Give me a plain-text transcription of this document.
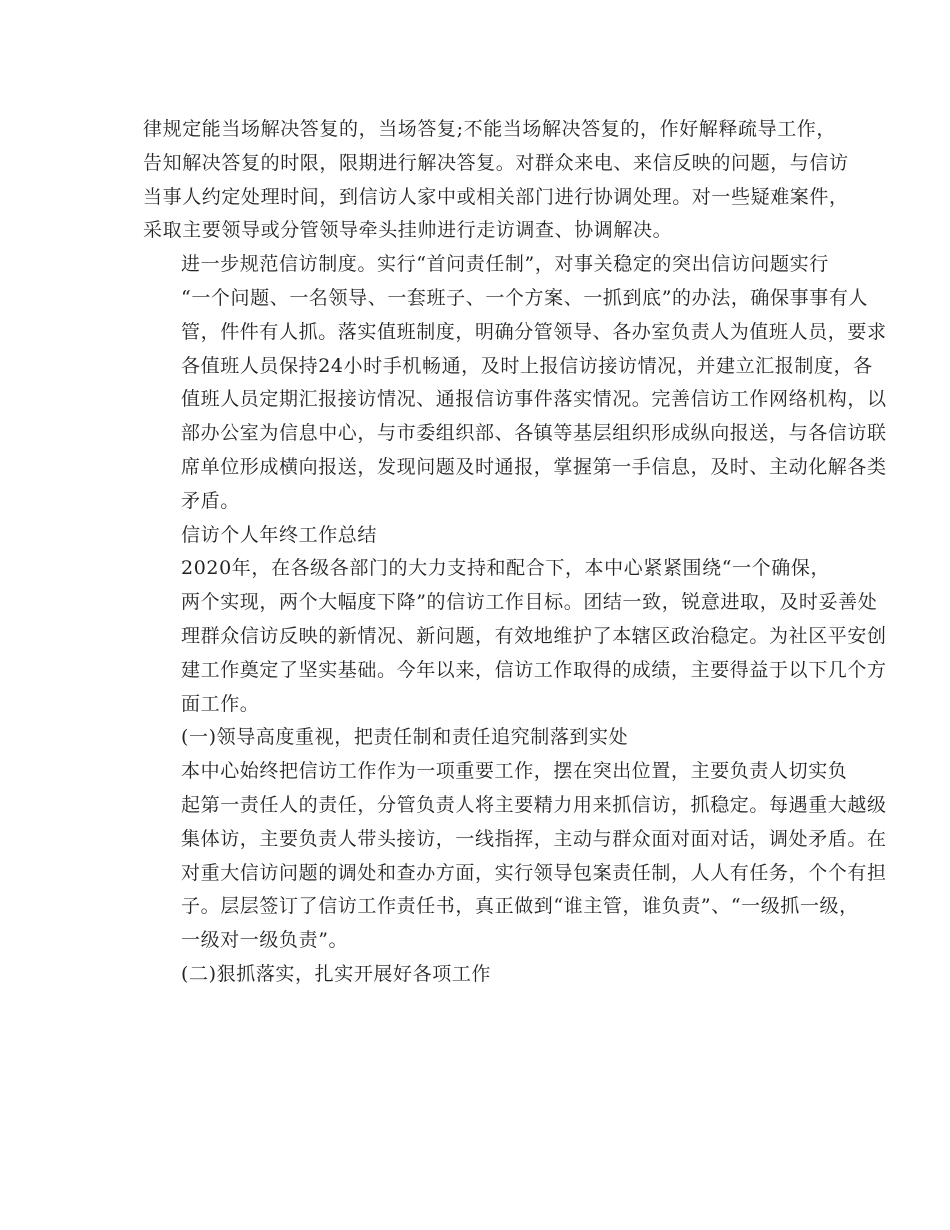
律规定能当场解决答复的，当场答复;不能当场解决答复的，作好解释疏导工作，
告知解决答复的时限，限期进行解决答复。对群众来电、来信反映的问题，与信访
当事人约定处理时间，到信访人家中或相关部门进行协调处理。对一些疑难案件，
采取主要领导或分管领导牵头挂帅进行走访调查、协调解决。
进一步规范信访制度。实行“首问责任制”，对事关稳定的突出信访问题实行
“一个问题、一名领导、一套班子、一个方案、一抓到底”的办法，确保事事有人
管，件件有人抓。落实值班制度，明确分管领导、各办室负责人为值班人员，要求
各值班人员保持24小时手机畅通，及时上报信访接访情况，并建立汇报制度，各
值班人员定期汇报接访情况、通报信访事件落实情况。完善信访工作网络机构，以
部办公室为信息中心，与市委组织部、各镇等基层组织形成纵向报送，与各信访联
席单位形成横向报送，发现问题及时通报，掌握第一手信息，及时、主动化解各类
矛盾。
信访个人年终工作总结
2020年，在各级各部门的大力支持和配合下，本中心紧紧围绕“一个确保，
两个实现，两个大幅度下降”的信访工作目标。团结一致，锐意进取，及时妥善处
理群众信访反映的新情况、新问题，有效地维护了本辖区政治稳定。为社区平安创
建工作奠定了坚实基础。今年以来，信访工作取得的成绩，主要得益于以下几个方
面工作。
(一)领导高度重视，把责任制和责任追究制落到实处
本中心始终把信访工作作为一项重要工作，摆在突出位置，主要负责人切实负
起第一责任人的责任，分管负责人将主要精力用来抓信访，抓稳定。每遇重大越级
集体访，主要负责人带头接访，一线指挥，主动与群众面对面对话，调处矛盾。在
对重大信访问题的调处和查办方面，实行领导包案责任制，人人有任务，个个有担
子。层层签订了信访工作责任书，真正做到“谁主管，谁负责”、“一级抓一级，
一级对一级负责”。
(二)狠抓落实，扎实开展好各项工作
